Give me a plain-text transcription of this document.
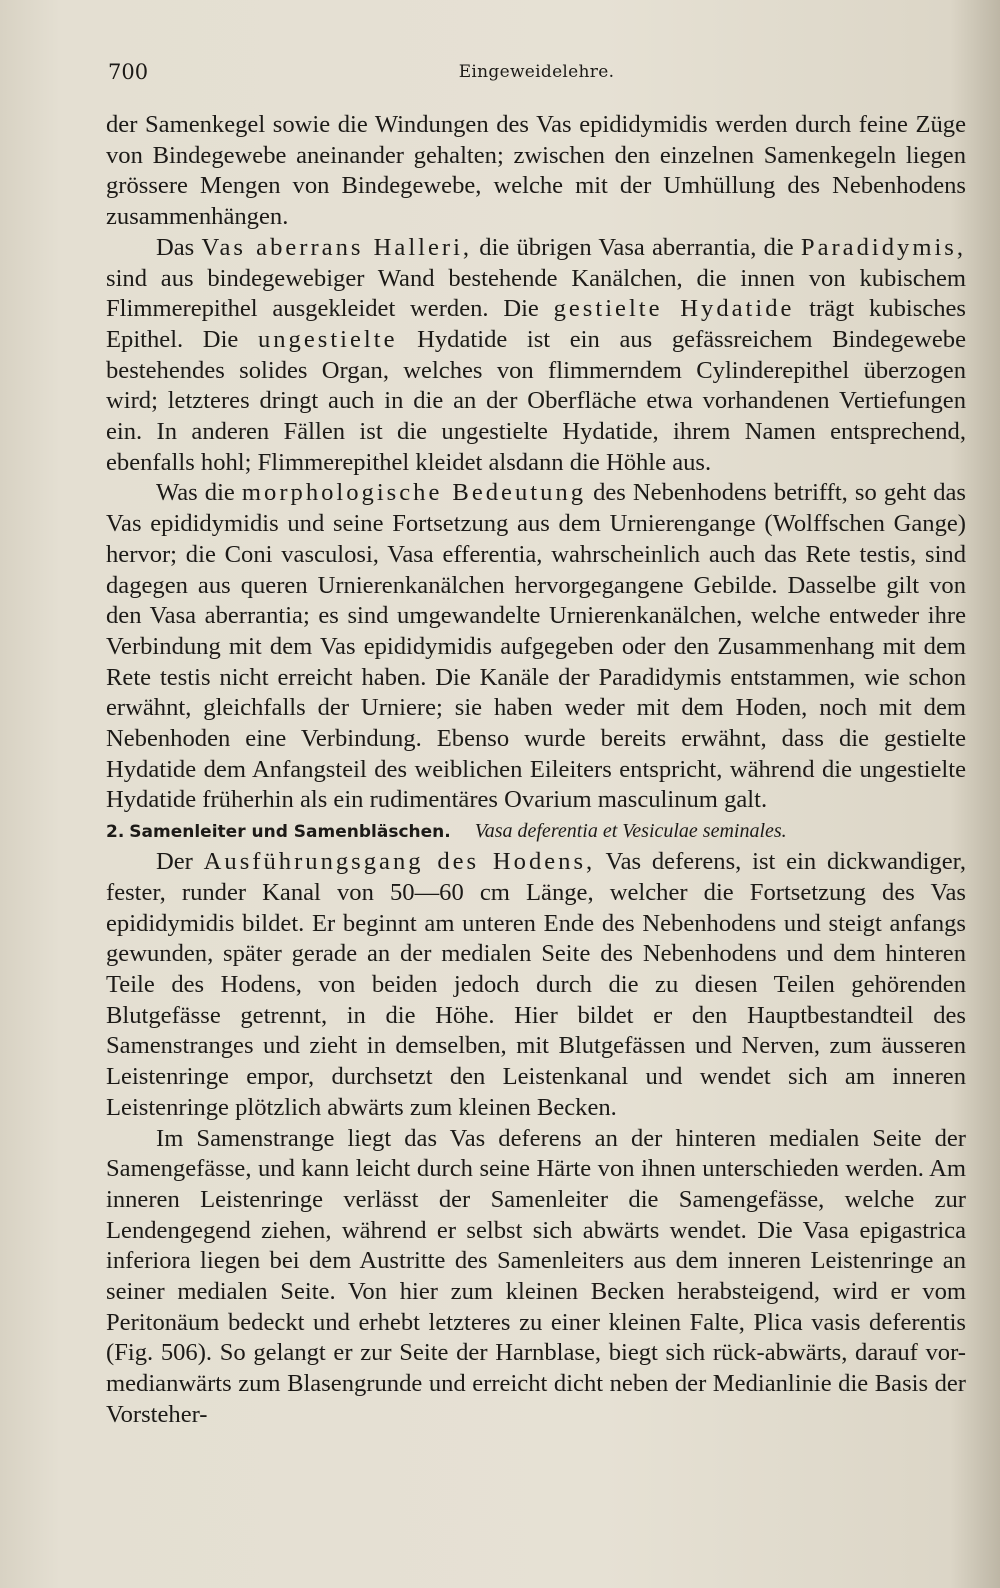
700	Eingeweidelehre.

der Samenkegel sowie die Windungen des Vas epididymidis werden durch feine Züge von Bindegewebe aneinander gehalten; zwischen den einzelnen Samenkegeln liegen grössere Mengen von Bindegewebe, welche mit der Umhüllung des Nebenhodens zusammenhängen.

Das Vas aberrans Halleri, die übrigen Vasa aberrantia, die Paradidymis, sind aus bindegewebiger Wand bestehende Kanälchen, die innen von kubischem Flimmerepithel ausgekleidet werden. Die gestielte Hydatide trägt kubisches Epithel. Die ungestielte Hydatide ist ein aus gefässreichem Bindegewebe bestehendes solides Organ, welches von flimmerndem Cylinderepithel überzogen wird; letzteres dringt auch in die an der Oberfläche etwa vorhandenen Vertiefungen ein. In anderen Fällen ist die ungestielte Hydatide, ihrem Namen entsprechend, ebenfalls hohl; Flimmerepithel kleidet alsdann die Höhle aus.

Was die morphologische Bedeutung des Nebenhodens betrifft, so geht das Vas epididymidis und seine Fortsetzung aus dem Urnierengange (Wolffschen Gange) hervor; die Coni vasculosi, Vasa efferentia, wahrscheinlich auch das Rete testis, sind dagegen aus queren Urnierenkanälchen hervorgegangene Gebilde. Dasselbe gilt von den Vasa aberrantia; es sind umgewandelte Urnierenkanälchen, welche entweder ihre Verbindung mit dem Vas epididymidis aufgegeben oder den Zusammenhang mit dem Rete testis nicht erreicht haben. Die Kanäle der Paradidymis entstammen, wie schon erwähnt, gleichfalls der Urniere; sie haben weder mit dem Hoden, noch mit dem Nebenhoden eine Verbindung. Ebenso wurde bereits erwähnt, dass die gestielte Hydatide dem Anfangsteil des weiblichen Eileiters entspricht, während die ungestielte Hydatide früherhin als ein rudimentäres Ovarium masculinum galt.

2. Samenleiter und Samenbläschen. Vasa deferentia et Vesiculae seminales.

Der Ausführungsgang des Hodens, Vas deferens, ist ein dickwandiger, fester, runder Kanal von 50—60 cm Länge, welcher die Fortsetzung des Vas epididymidis bildet. Er beginnt am unteren Ende des Nebenhodens und steigt anfangs gewunden, später gerade an der medialen Seite des Nebenhodens und dem hinteren Teile des Hodens, von beiden jedoch durch die zu diesen Teilen gehörenden Blutgefässe getrennt, in die Höhe. Hier bildet er den Hauptbestandteil des Samenstranges und zieht in demselben, mit Blutgefässen und Nerven, zum äusseren Leistenringe empor, durchsetzt den Leistenkanal und wendet sich am inneren Leistenringe plötzlich abwärts zum kleinen Becken.

Im Samenstrange liegt das Vas deferens an der hinteren medialen Seite der Samengefässe, und kann leicht durch seine Härte von ihnen unterschieden werden. Am inneren Leistenringe verlässt der Samenleiter die Samengefässe, welche zur Lendengegend ziehen, während er selbst sich abwärts wendet. Die Vasa epigastrica inferiora liegen bei dem Austritte des Samenleiters aus dem inneren Leistenringe an seiner medialen Seite. Von hier zum kleinen Becken herabsteigend, wird er vom Peritonäum bedeckt und erhebt letzteres zu einer kleinen Falte, Plica vasis deferentis (Fig. 506). So gelangt er zur Seite der Harnblase, biegt sich rück-abwärts, darauf vor-medianwärts zum Blasengrunde und erreicht dicht neben der Medianlinie die Basis der Vorsteher-
